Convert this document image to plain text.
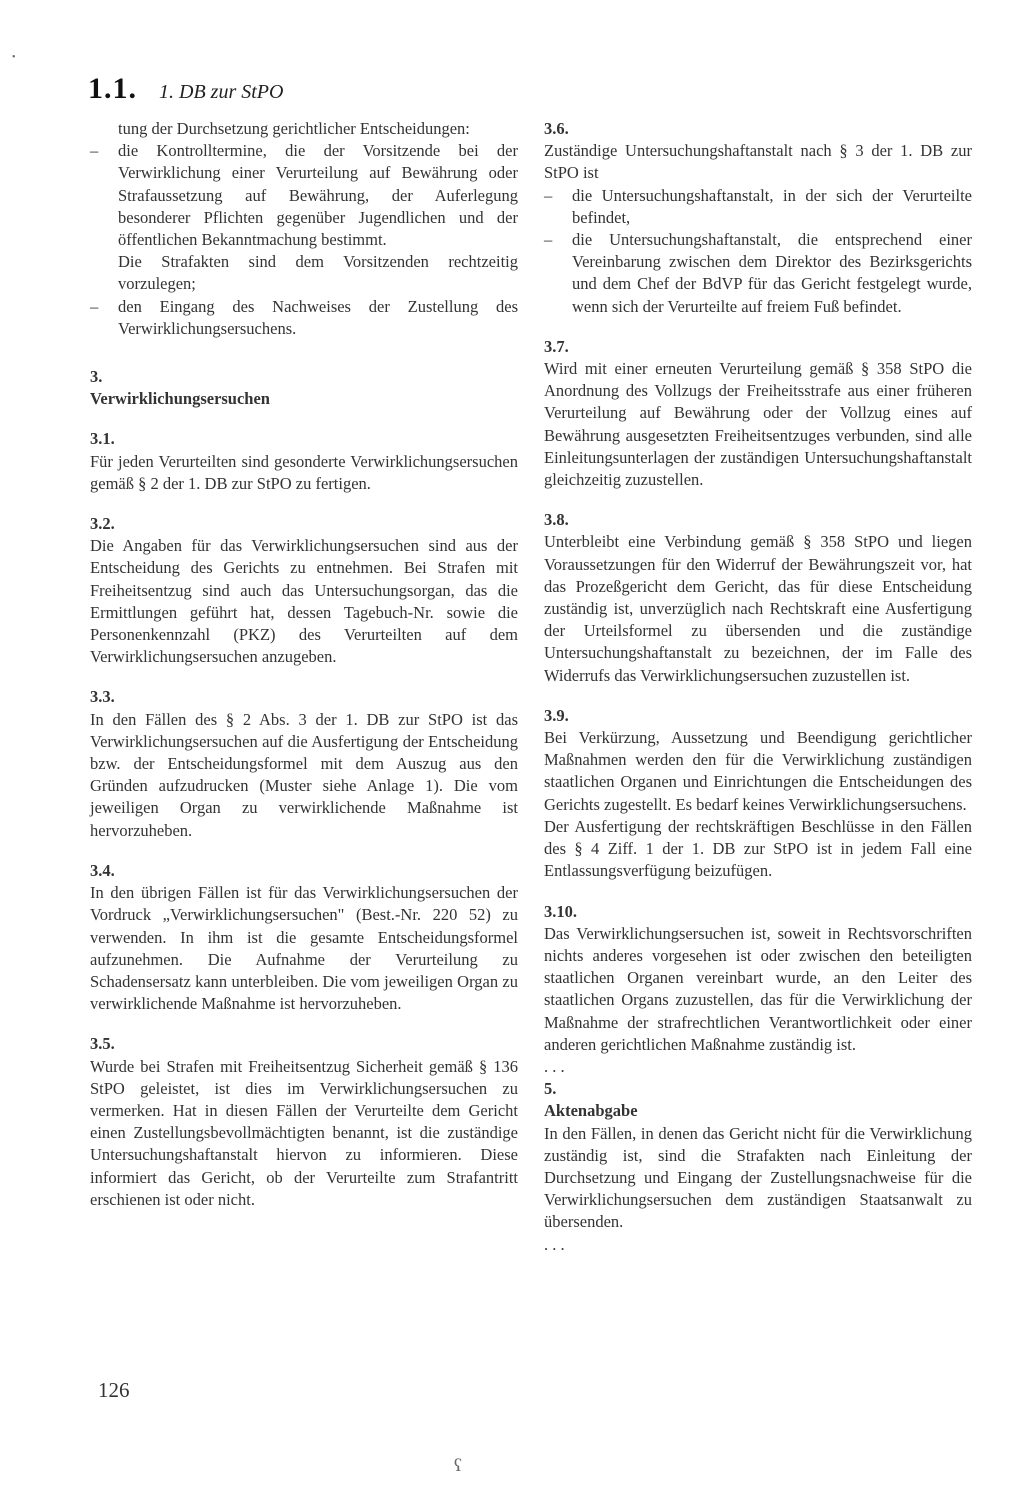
•
1.1. 1. DB zur StPO

tung der Durchsetzung gerichtlicher Entscheidungen:

– die Kontrolltermine, die der Vorsitzende bei der Verwirklichung einer Verurteilung auf Bewährung oder Strafaussetzung auf Bewährung, der Auferlegung besonderer Pflichten gegenüber Jugendlichen und der öffentlichen Bekanntmachung bestimmt.

Die Strafakten sind dem Vorsitzenden rechtzeitig vorzulegen;

– den Eingang des Nachweises der Zustellung des Verwirklichungsersuchens.

3.

Verwirklichungsersuchen

3.1.

Für jeden Verurteilten sind gesonderte Verwirklichungsersuchen gemäß § 2 der 1. DB zur StPO zu fertigen.

3.2.

Die Angaben für das Verwirklichungsersuchen sind aus der Entscheidung des Gerichts zu entnehmen. Bei Strafen mit Freiheitsentzug sind auch das Untersuchungsorgan, das die Ermittlungen geführt hat, dessen Tagebuch-Nr. sowie die Personenkennzahl (PKZ) des Verurteilten auf dem Verwirklichungsersuchen anzugeben.

3.3.

In den Fällen des § 2 Abs. 3 der 1. DB zur StPO ist das Verwirklichungsersuchen auf die Ausfertigung der Entscheidung bzw. der Entscheidungsformel mit dem Auszug aus den Gründen aufzudrucken (Muster siehe Anlage 1). Die vom jeweiligen Organ zu verwirklichende Maßnahme ist hervorzuheben.

3.4.

In den übrigen Fällen ist für das Verwirklichungsersuchen der Vordruck „Verwirklichungsersuchen" (Best.-Nr. 220 52) zu verwenden. In ihm ist die gesamte Entscheidungsformel aufzunehmen. Die Aufnahme der Verurteilung zu Schadensersatz kann unterbleiben. Die vom jeweiligen Organ zu verwirklichende Maßnahme ist hervorzuheben.

3.5.

Wurde bei Strafen mit Freiheitsentzug Sicherheit gemäß § 136 StPO geleistet, ist dies im Verwirklichungsersuchen zu vermerken. Hat in diesen Fällen der Verurteilte dem Gericht einen Zustellungsbevollmächtigten benannt, ist die zuständige Untersuchungshaftanstalt hiervon zu informieren. Diese informiert das Gericht, ob der Verurteilte zum Strafantritt erschienen ist oder nicht.

3.6.

Zuständige Untersuchungshaftanstalt nach § 3 der 1. DB zur StPO ist

– die Untersuchungshaftanstalt, in der sich der Verurteilte befindet,

– die Untersuchungshaftanstalt, die entsprechend einer Vereinbarung zwischen dem Direktor des Bezirksgerichts und dem Chef der BdVP für das Gericht festgelegt wurde, wenn sich der Verurteilte auf freiem Fuß befindet.

3.7.

Wird mit einer erneuten Verurteilung gemäß § 358 StPO die Anordnung des Vollzugs der Freiheitsstrafe aus einer früheren Verurteilung auf Bewährung oder der Vollzug eines auf Bewährung ausgesetzten Freiheitsentzuges verbunden, sind alle Einleitungsunterlagen der zuständigen Untersuchungshaftanstalt gleichzeitig zuzustellen.

3.8.

Unterbleibt eine Verbindung gemäß § 358 StPO und liegen Voraussetzungen für den Widerruf der Bewährungszeit vor, hat das Prozeßgericht dem Gericht, das für diese Entscheidung zuständig ist, unverzüglich nach Rechtskraft eine Ausfertigung der Urteilsformel zu übersenden und die zuständige Untersuchungshaftanstalt zu bezeichnen, der im Falle des Widerrufs das Verwirklichungsersuchen zuzustellen ist.

3.9.

Bei Verkürzung, Aussetzung und Beendigung gerichtlicher Maßnahmen werden den für die Verwirklichung zuständigen staatlichen Organen und Einrichtungen die Entscheidungen des Gerichts zugestellt. Es bedarf keines Verwirklichungsersuchens.

Der Ausfertigung der rechtskräftigen Beschlüsse in den Fällen des § 4 Ziff. 1 der 1. DB zur StPO ist in jedem Fall eine Entlassungsverfügung beizufügen.

3.10.

Das Verwirklichungsersuchen ist, soweit in Rechtsvorschriften nichts anderes vorgesehen ist oder zwischen den beteiligten staatlichen Organen vereinbart wurde, an den Leiter des staatlichen Organs zuzustellen, das für die Verwirklichung der Maßnahme der strafrechtlichen Verantwortlichkeit oder einer anderen gerichtlichen Maßnahme zuständig ist.

. . .

5.

Aktenabgabe

In den Fällen, in denen das Gericht nicht für die Verwirklichung zuständig ist, sind die Strafakten nach Einleitung der Durchsetzung und Eingang der Zustellungsnachweise für die Verwirklichungsersuchen dem zuständigen Staatsanwalt zu übersenden.

. . .

126
ʕ
